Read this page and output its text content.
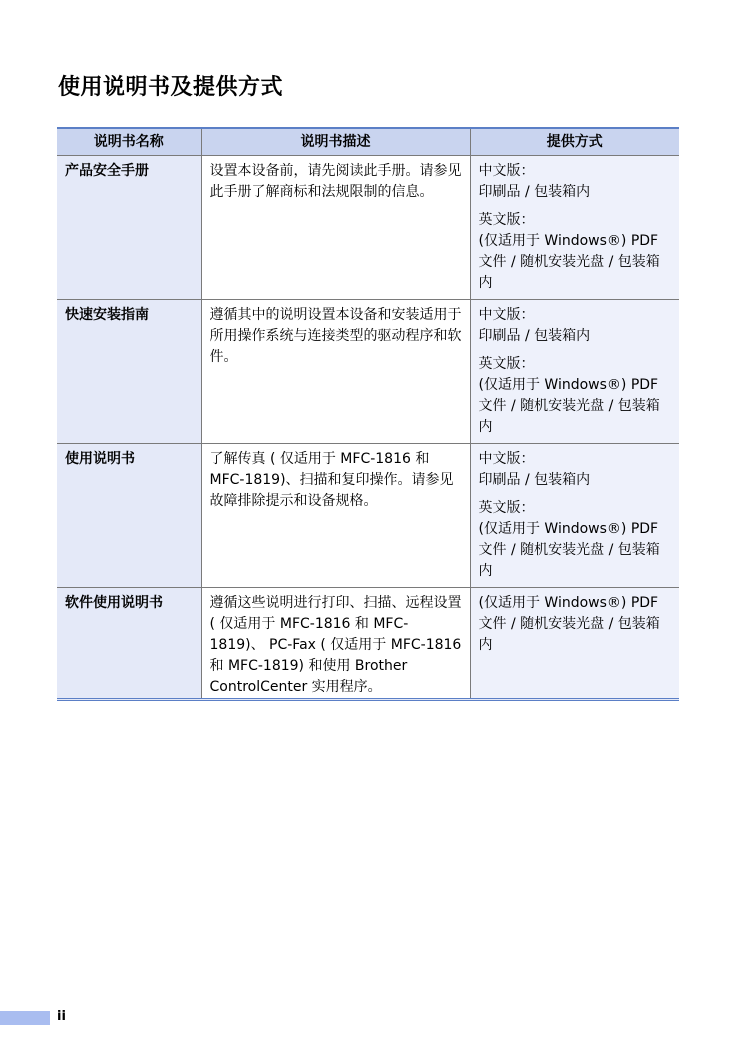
使用说明书及提供方式
说明书名称	说明书描述	提供方式
产品安全手册	设置本设备前，请先阅读此手册。请参见此手册了解商标和法规限制的信息。	中文版：
印刷品 / 包装箱内
英文版：
(仅适用于 Windows®) PDF 文件 / 随机安装光盘 / 包装箱内

快速安装指南	遵循其中的说明设置本设备和安装适用于所用操作系统与连接类型的驱动程序和软件。	中文版：
印刷品 / 包装箱内
英文版：
(仅适用于 Windows®) PDF 文件 / 随机安装光盘 / 包装箱内

使用说明书	了解传真 ( 仅适用于 MFC-1816 和 MFC-1819)、扫描和复印操作。请参见故障排除提示和设备规格。	中文版：
印刷品 / 包装箱内
英文版：
(仅适用于 Windows®) PDF 文件 / 随机安装光盘 / 包装箱内

软件使用说明书	遵循这些说明进行打印、扫描、远程设置 ( 仅适用于 MFC-1816 和 MFC-1819)、 PC-Fax ( 仅适用于 MFC-1816 和 MFC-1819) 和使用 Brother ControlCenter 实用程序。	(仅适用于 Windows®) PDF 文件 / 随机安装光盘 / 包装箱内
ii
